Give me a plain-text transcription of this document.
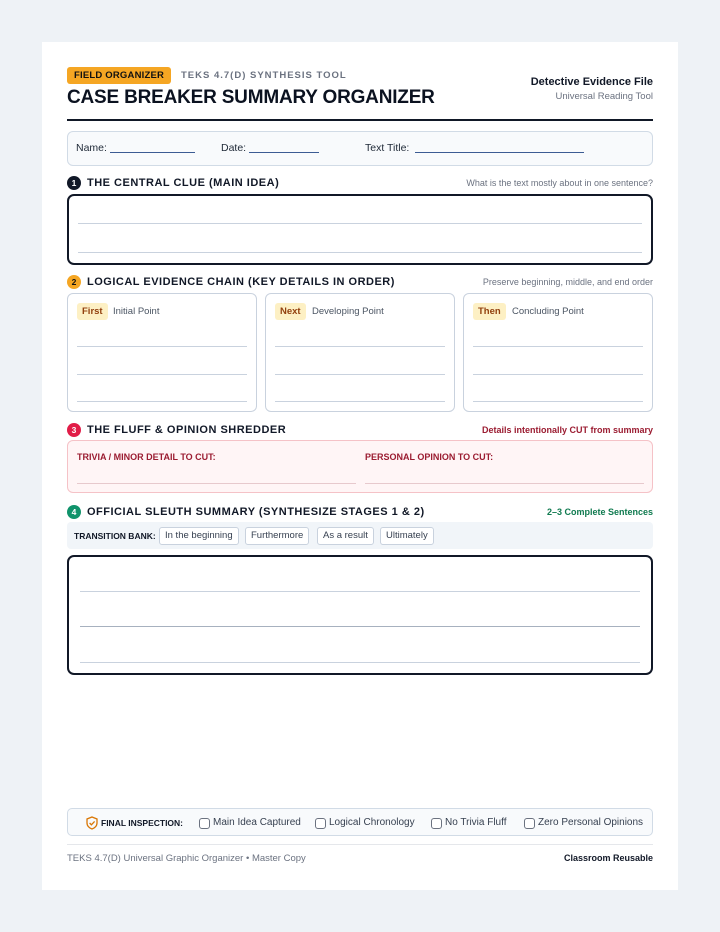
FIELD ORGANIZER	TEKS 4.7(D) SYNTHESIS TOOL
CASE BREAKER SUMMARY ORGANIZER
Detective Evidence File
Universal Reading Tool
Name:	Date:	Text Title:
1 THE CENTRAL CLUE (MAIN IDEA)	What is the text mostly about in one sentence?
2 LOGICAL EVIDENCE CHAIN (KEY DETAILS IN ORDER)	Preserve beginning, middle, and end order
First	Initial Point	Next	Developing Point	Then	Concluding Point
3 THE FLUFF & OPINION SHREDDER	Details intentionally CUT from summary
TRIVIA / MINOR DETAIL TO CUT:	PERSONAL OPINION TO CUT:
4 OFFICIAL SLEUTH SUMMARY (SYNTHESIZE STAGES 1 & 2)	2–3 Complete Sentences
TRANSITION BANK: In the beginning	Furthermore	As a result	Ultimately
FINAL INSPECTION:	Main Idea Captured	Logical Chronology	No Trivia Fluff	Zero Personal Opinions
TEKS 4.7(D) Universal Graphic Organizer • Master Copy	Classroom Reusable
